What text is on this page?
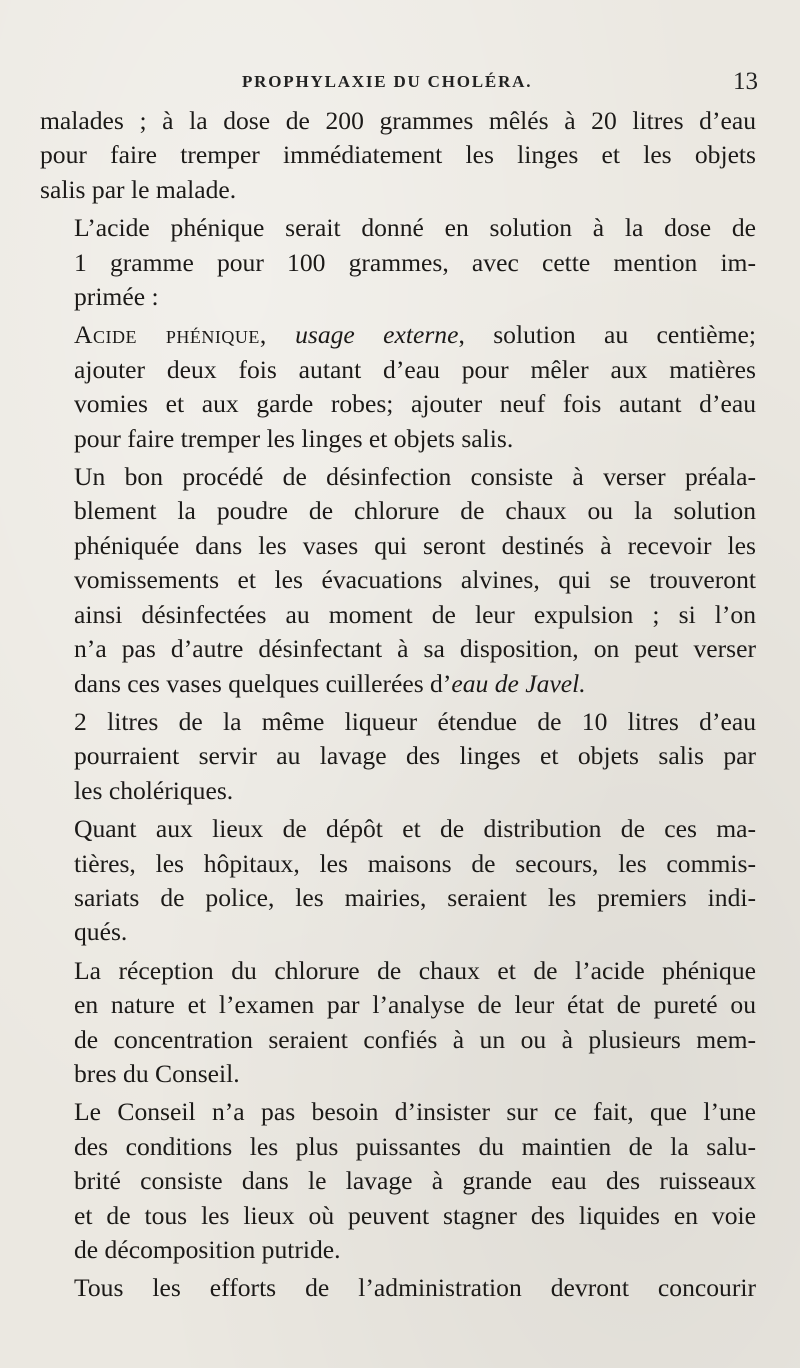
PROPHYLAXIE DU CHOLÉRA.	13

malades ; à la dose de 200 grammes mêlés à 20 litres d’eau
pour faire tremper immédiatement les linges et les objets
salis par le malade.

L’acide phénique serait donné en solution à la dose de
1 gramme pour 100 grammes, avec cette mention im-
primée :

Acide phénique, usage externe, solution au centième;
ajouter deux fois autant d’eau pour mêler aux matières
vomies et aux garde robes; ajouter neuf fois autant d’eau
pour faire tremper les linges et objets salis.

Un bon procédé de désinfection consiste à verser préala-
blement la poudre de chlorure de chaux ou la solution
phéniquée dans les vases qui seront destinés à recevoir les
vomissements et les évacuations alvines, qui se trouveront
ainsi désinfectées au moment de leur expulsion ; si l’on
n’a pas d’autre désinfectant à sa disposition, on peut verser
dans ces vases quelques cuillerées d’eau de Javel.

2 litres de la même liqueur étendue de 10 litres d’eau
pourraient servir au lavage des linges et objets salis par
les cholériques.

Quant aux lieux de dépôt et de distribution de ces ma-
tières, les hôpitaux, les maisons de secours, les commis-
sariats de police, les mairies, seraient les premiers indi-
qués.

La réception du chlorure de chaux et de l’acide phénique
en nature et l’examen par l’analyse de leur état de pureté ou
de concentration seraient confiés à un ou à plusieurs mem-
bres du Conseil.

Le Conseil n’a pas besoin d’insister sur ce fait, que l’une
des conditions les plus puissantes du maintien de la salu-
brité consiste dans le lavage à grande eau des ruisseaux
et de tous les lieux où peuvent stagner des liquides en voie
de décomposition putride.

Tous les efforts de l’administration devront concourir
